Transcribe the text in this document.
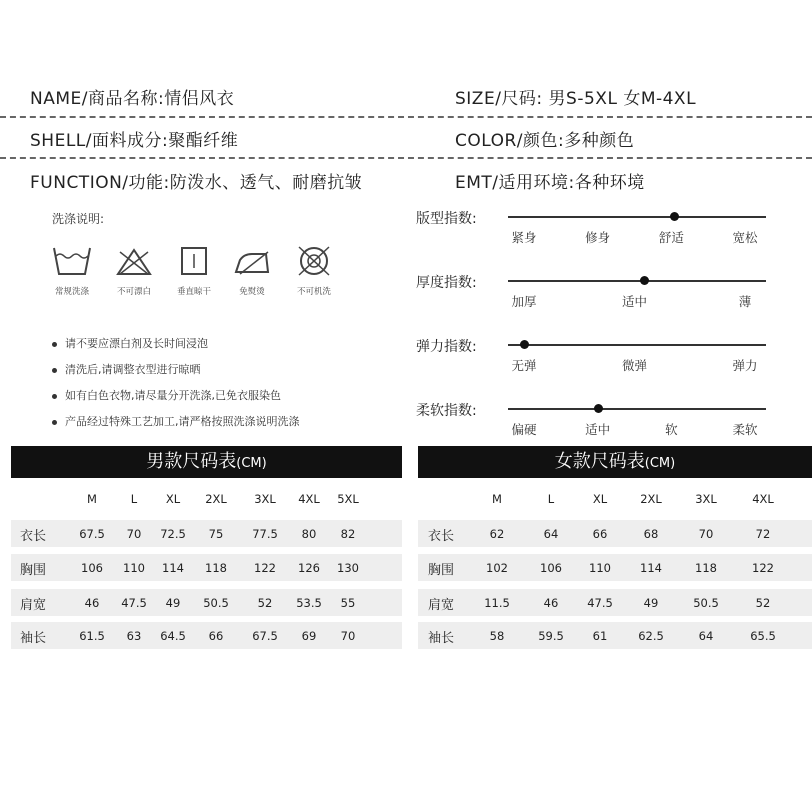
NAME/商品名称:情侣风衣	SIZE/尺码: 男S-5XL 女M-4XL
SHELL/面料成分:聚酯纤维	COLOR/颜色:多种颜色
FUNCTION/功能:防泼水、透气、耐磨抗皱	EMT/适用环境:各种环境
洗涤说明:
常规洗涤	不可漂白	垂直晾干	免熨烫	不可机洗
请不要应漂白剂及长时间浸泡
清洗后,请调整衣型进行晾晒
如有白色衣物,请尽量分开洗涤,已免衣服染色
产品经过特殊工艺加工,请严格按照洗涤说明洗涤
版型指数:
紧身	修身	舒适	宽松
厚度指数:
加厚	适中	薄
弹力指数:
无弹	微弹	弹力
柔软指数:
偏硬	适中	软	柔软
男款尺码表(CM)
M	L XL 2XL 3XL 4XL 5XL
衣长	67.5 70 72.5 75	77.5 80 82
胸围	106 110 114 118 122 126 130
肩宽	46 47.5 49 50.5	52 53.5 55
袖长	61.5 63 64.5 66	67.5 69 70
女款尺码表(CM)
M	L	XL	2XL	3XL	4XL
衣长	62	64	66	68	70	72
胸围	102	106 110	114	118	122
肩宽	11.5	46	47.5	49	50.5	52
袖长	58	59.5	61	62.5	64	65.5
